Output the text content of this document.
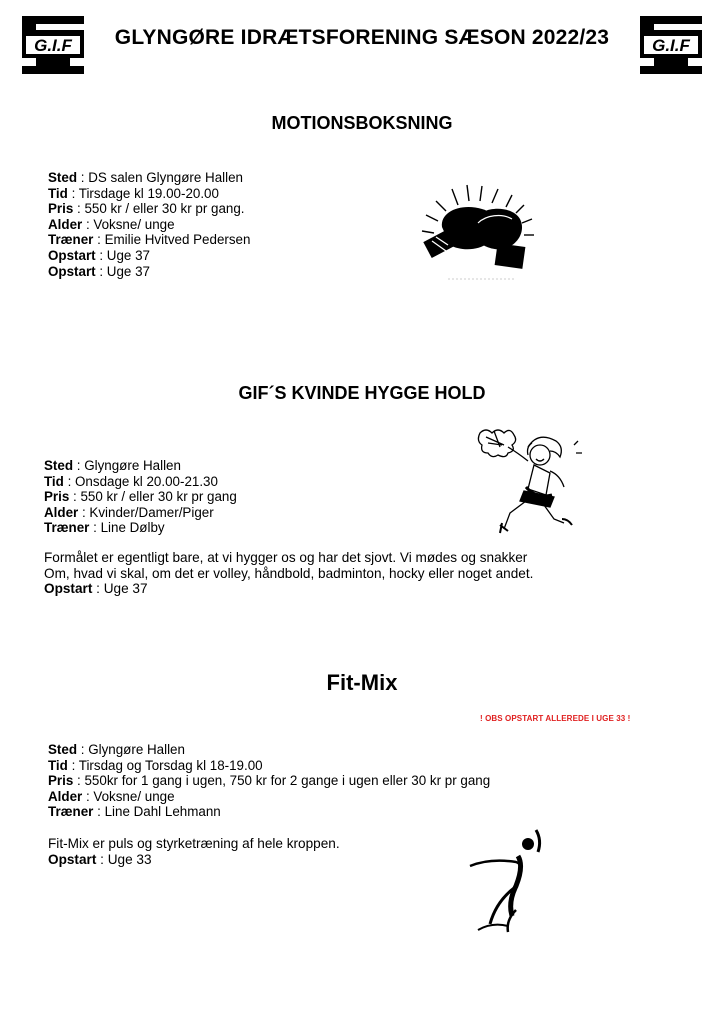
G.I.F	G.I.F
GLYNGØRE IDRÆTSFORENING SÆSON 2022/23
MOTIONSBOKSNING
Sted : DS salen Glyngøre Hallen
Tid : Tirsdage kl 19.00-20.00
Pris : 550 kr / eller 30 kr pr gang.
Alder : Voksne/ unge
Træner : Emilie Hvitved Pedersen
Opstart : Uge 37
Opstart : Uge 37
GIF´S KVINDE HYGGE HOLD
Sted : Glyngøre Hallen
Tid : Onsdage kl 20.00-21.30
Pris : 550 kr / eller 30 kr pr gang
Alder : Kvinder/Damer/Piger
Træner : Line Dølby
Formålet er egentligt bare, at vi hygger os og har det sjovt. Vi mødes og snakker
Om, hvad vi skal, om det er volley, håndbold, badminton, hocky eller noget andet.
Opstart : Uge 37
Fit-Mix
! OBS OPSTART ALLEREDE I UGE 33 !
Sted : Glyngøre Hallen
Tid : Tirsdag og Torsdag kl 18-19.00
Pris : 550kr for 1 gang i ugen, 750 kr for 2 gange i ugen eller 30 kr pr gang
Alder : Voksne/ unge
Træner : Line Dahl Lehmann
Fit-Mix er puls og styrketræning af hele kroppen.
Opstart : Uge 33
